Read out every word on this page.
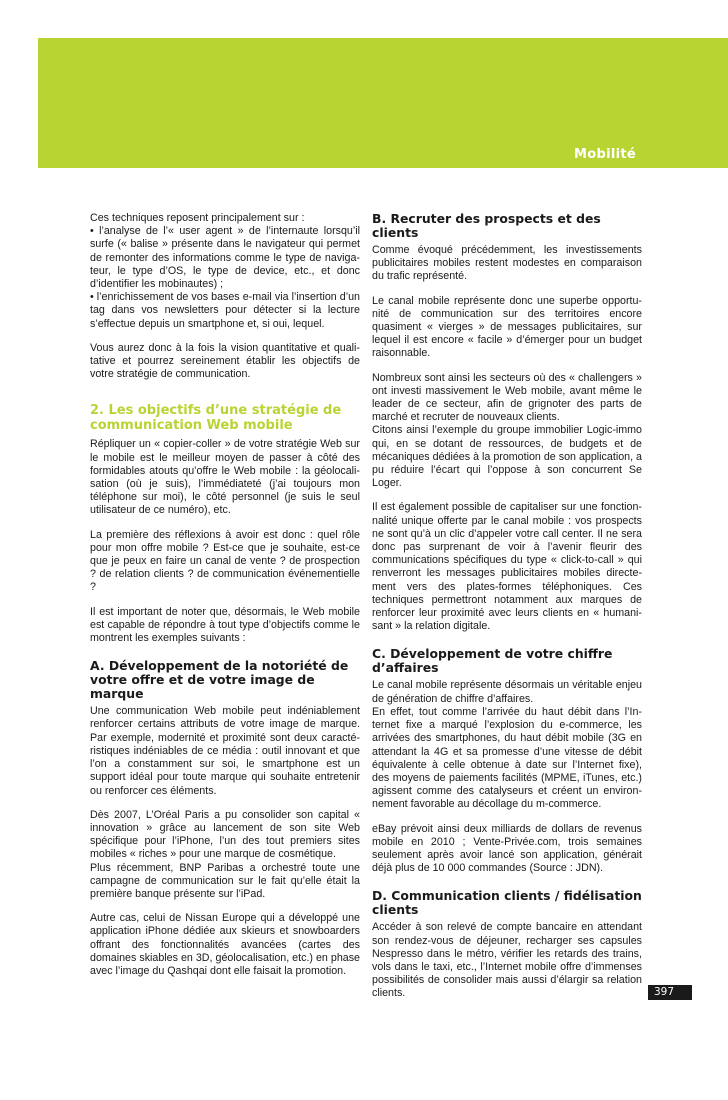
Mobilité

Ces techniques reposent principalement sur :

• l’analyse de l’« user agent » de l’internaute lorsqu’il surfe (« balise » présente dans le navigateur qui permet de remonter des informations comme le type de naviga- teur, le type d’OS, le type de device, etc., et donc d’identifier les mobinautes) ;

• l’enrichissement de vos bases e-mail via l’insertion d’un tag dans vos newsletters pour détecter si la lecture s’effectue depuis un smartphone et, si oui, lequel.

Vous aurez donc à la fois la vision quantitative et quali- tative et pourrez sereinement établir les objectifs de votre stratégie de communication.

2. Les objectifs d’une stratégie de communication Web mobile

Répliquer un « copier-coller » de votre stratégie Web sur le mobile est le meilleur moyen de passer à côté des formidables atouts qu’offre le Web mobile : la géolocali- sation (où je suis), l’immédiateté (j’ai toujours mon téléphone sur moi), le côté personnel (je suis le seul utilisateur de ce numéro), etc.

La première des réflexions à avoir est donc : quel rôle pour mon offre mobile ? Est-ce que je souhaite, est-ce que je peux en faire un canal de vente ? de prospection ? de relation clients ? de communication événementielle ?

Il est important de noter que, désormais, le Web mobile est capable de répondre à tout type d’objectifs comme le montrent les exemples suivants :

A. Développement de la notoriété de votre offre et de votre image de marque

Une communication Web mobile peut indéniablement renforcer certains attributs de votre image de marque. Par exemple, modernité et proximité sont deux caracté- ristiques indéniables de ce média : outil innovant et que l’on a constamment sur soi, le smartphone est un support idéal pour toute marque qui souhaite entretenir ou renforcer ces éléments.

Dès 2007, L’Oréal Paris a pu consolider son capital « innovation » grâce au lancement de son site Web spécifique pour l’iPhone, l’un des tout premiers sites mobiles « riches » pour une marque de cosmétique.

Plus récemment, BNP Paribas a orchestré toute une campagne de communication sur le fait qu’elle était la première banque présente sur l’iPad.

Autre cas, celui de Nissan Europe qui a développé une application iPhone dédiée aux skieurs et snowboarders offrant des fonctionnalités avancées (cartes des domaines skiables en 3D, géolocalisation, etc.) en phase avec l’image du Qashqai dont elle faisait la promotion.

B. Recruter des prospects et des clients

Comme évoqué précédemment, les investissements publicitaires mobiles restent modestes en comparaison du trafic représenté.

Le canal mobile représente donc une superbe opportu- nité de communication sur des territoires encore quasiment « vierges » de messages publicitaires, sur lequel il est encore « facile » d’émerger pour un budget raisonnable.

Nombreux sont ainsi les secteurs où des « challengers » ont investi massivement le Web mobile, avant même le leader de ce secteur, afin de grignoter des parts de marché et recruter de nouveaux clients.

Citons ainsi l’exemple du groupe immobilier Logic-immo qui, en se dotant de ressources, de budgets et de mécaniques dédiées à la promotion de son application, a pu réduire l’écart qui l’oppose à son concurrent Se Loger.

Il est également possible de capitaliser sur une fonction- nalité unique offerte par le canal mobile : vos prospects ne sont qu’à un clic d’appeler votre call center. Il ne sera donc pas surprenant de voir à l’avenir fleurir des communications spécifiques du type « click-to-call » qui renverront les messages publicitaires mobiles directe- ment vers des plates-formes téléphoniques. Ces techniques permettront notamment aux marques de renforcer leur proximité avec leurs clients en « humani- sant » la relation digitale.

C. Développement de votre chiffre d’affaires

Le canal mobile représente désormais un véritable enjeu de génération de chiffre d’affaires.

En effet, tout comme l’arrivée du haut débit dans l’In- ternet fixe a marqué l’explosion du e-commerce, les arrivées des smartphones, du haut débit mobile (3G en attendant la 4G et sa promesse d’une vitesse de débit équivalente à celle obtenue à date sur l’Internet fixe), des moyens de paiements facilités (MPME, iTunes, etc.) agissent comme des catalyseurs et créent un environ- nement favorable au décollage du m-commerce.

eBay prévoit ainsi deux milliards de dollars de revenus mobile en 2010 ; Vente-Privée.com, trois semaines seulement après avoir lancé son application, générait déjà plus de 10 000 commandes (Source : JDN).

D. Communication clients / fidélisation clients

Accéder à son relevé de compte bancaire en attendant son rendez-vous de déjeuner, recharger ses capsules Nespresso dans le métro, vérifier les retards des trains, vols dans le taxi, etc., l’Internet mobile offre d’immenses possibilités de consolider mais aussi d’élargir sa relation clients.	397
